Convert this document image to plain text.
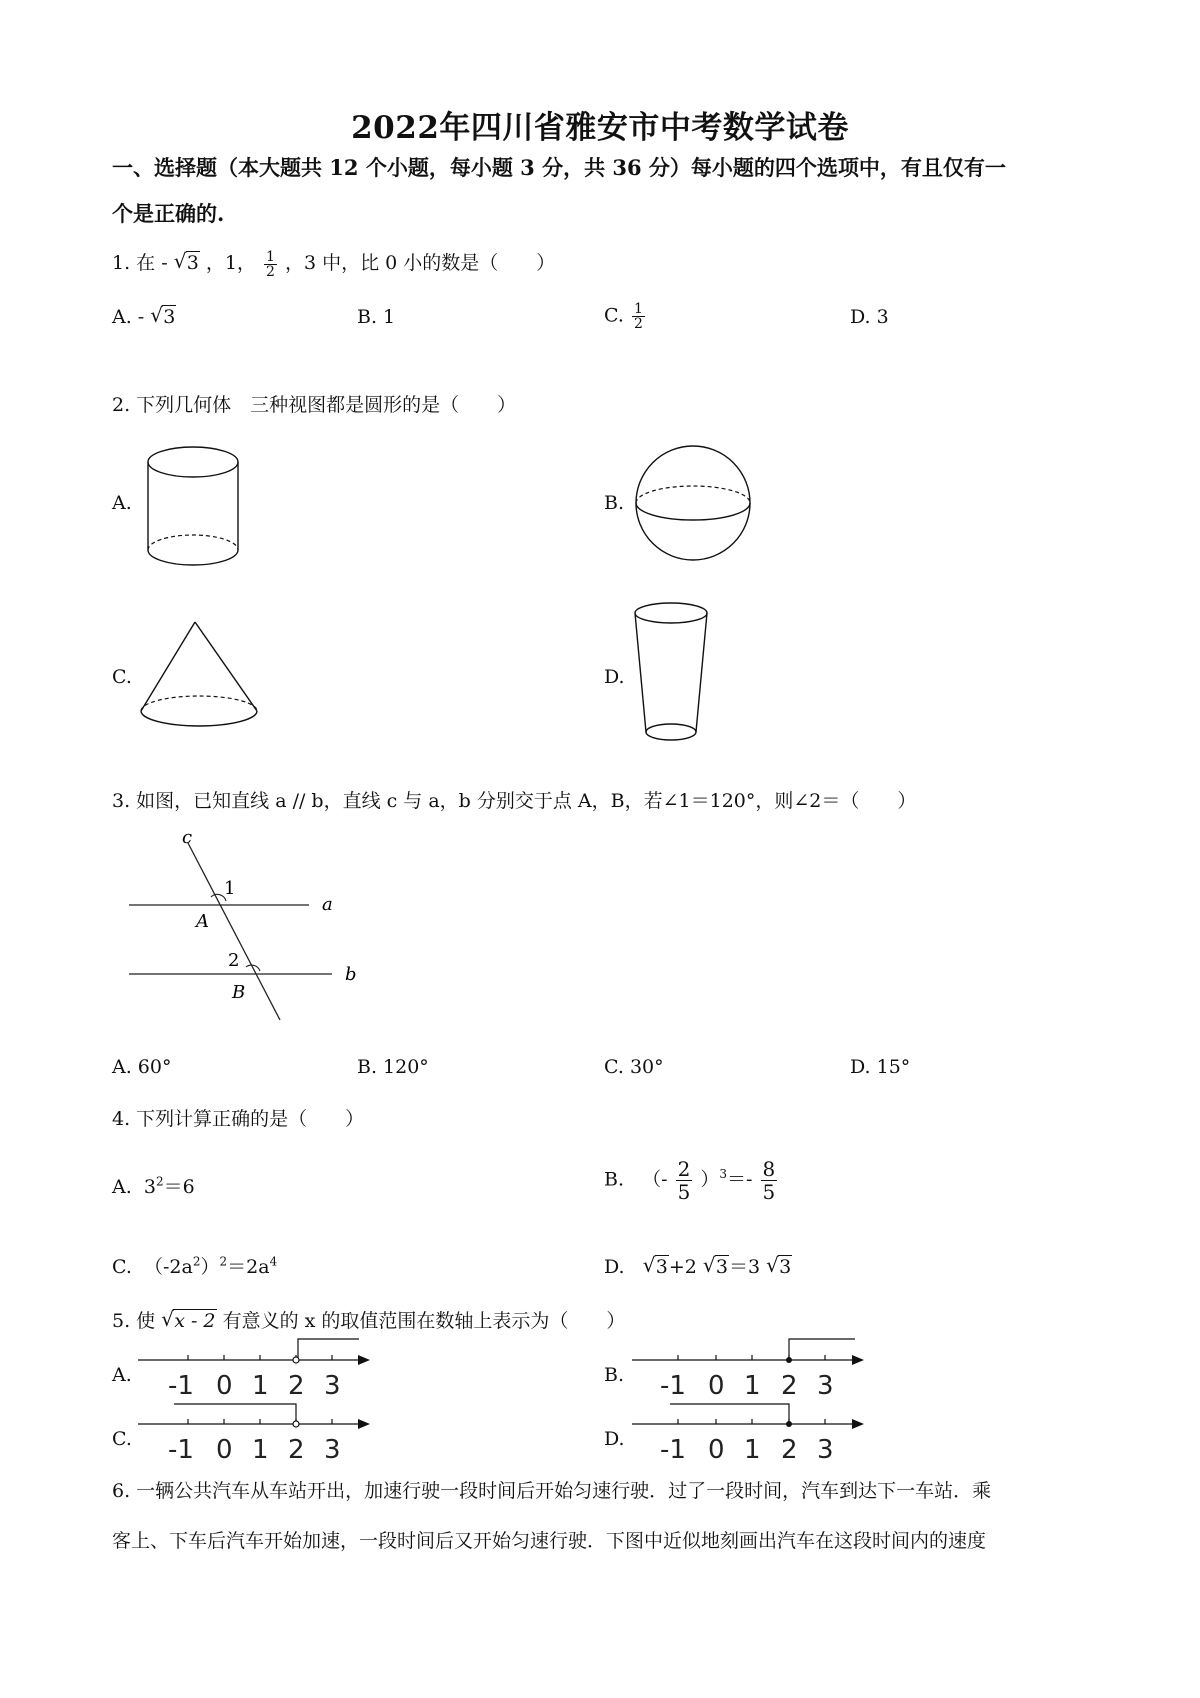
2022年四川省雅安市中考数学试卷
一、选择题（本大题共 12 个小题，每小题 3 分，共 36 分）每小题的四个选项中，有且仅有一
个是正确的.
1. 在 - √ 3 ，1， $\frac{1}{2}$ ，3 中，比 0 小的数是（　　）
A. - √ 3	B. 1	C. $\frac{1}{2}$	D. 3
2. 下列几何体　三种视图都是圆形的是（　　）
A.	B.
C.	D.
3. 如图，已知直线 a // b，直线 c 与 a，b 分别交于点 A，B，若∠1＝120°，则∠2＝（　　）
c
1
a
A
2
b
B
A. 60°	B. 120°	C. 30°	D. 15°
4. 下列计算正确的是（　　）
A. $3^2=6$	B. （- $\frac{2}{5} )^3=- \frac{8}{5}$
C. $(-2a^2)^2=2a^4$	D. √ 3+2 √ 3＝3 √ 3
5. 使 √ x - 2 有意义的 x 的取值范围在数轴上表示为（　　）
A.	B.
C.	D.
-1 0 1 2 3	-1 0 1 2 3
-1 0 1 2 3	-1 0 1 2 3
6. 一辆公共汽车从车站开出，加速行驶一段时间后开始匀速行驶．过了一段时间，汽车到达下一车站．乘
客上、下车后汽车开始加速，一段时间后又开始匀速行驶．下图中近似地刻画出汽车在这段时间内的速度
